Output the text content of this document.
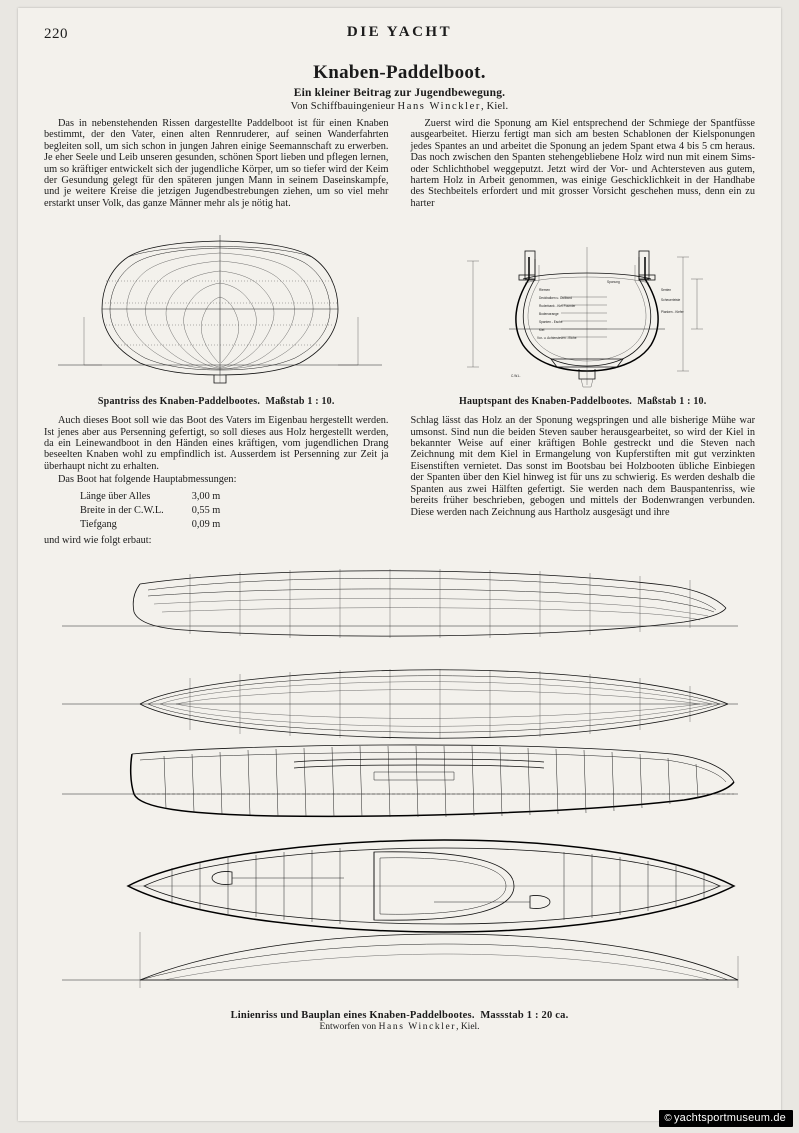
220	DIE YACHT
Knaben-Paddelboot.
Ein kleiner Beitrag zur Jugendbewegung.
Von Schiffbauingenieur Hans Winckler, Kiel.

Das in nebenstehenden Rissen dargestellte Paddelboot ist für einen Knaben bestimmt, der den Vater, einen alten Rennruderer, auf seinen Wanderfahrten begleiten soll, um sich schon in jungen Jahren einige Seemannschaft zu erwerben. Je eher Seele und Leib unseren gesunden, schönen Sport lieben und pflegen lernen, um so kräftiger entwickelt sich der jugendliche Körper, um so tiefer wird der Keim der Gesundung gelegt für den späteren jungen Mann in seinem Daseinskampfe, und je weitere Kreise die jetzigen Jugendbestrebungen ziehen, um so viel mehr erstarkt unser Volk, das ganze Männer mehr als je nötig hat.

Zuerst wird die Sponung am Kiel entsprechend der Schmiege der Spantfüsse ausgearbeitet. Hierzu fertigt man sich am besten Schablonen der Kielsponungen jedes Spantes an und arbeitet die Sponung an jedem Spant etwa 4 bis 5 cm heraus. Das noch zwischen den Spanten stehengebliebene Holz wird nun mit einem Sims- oder Schlichthobel weggeputzt. Jetzt wird der Vor- und Achtersteven aus gutem, hartem Holz in Arbeit genommen, was einige Geschicklichkeit in der Handhabe des Stechbeitels erfordert und mit grosser Vorsicht geschehen muss, denn ein zu harter

Spantriss des Knaben-Paddelbootes. Maßstab 1 : 10.
Sponung
Riemen
Deckbalken u. Dollbord
Ruderbank - Kiel Fournier
Bodenwrange
Spanten - Esche
Kiel
Vor- u. Achtersteven - Eiche
Senten
Scheuerleiste
Planken - Kiefer
C.W.L.
Hauptspant des Knaben-Paddelbootes. Maßstab 1 : 10.

Auch dieses Boot soll wie das Boot des Vaters im Eigenbau hergestellt werden. Ist jenes aber aus Persenning gefertigt, so soll dieses aus Holz hergestellt werden, da ein Leinewandboot in den Händen eines kräftigen, vom jugendlichen Drang beseelten Knaben wohl zu empfindlich ist. Ausserdem ist Persenning zur Zeit ja überhaupt nicht zu erhalten.

Das Boot hat folgende Hauptabmessungen:

Länge über Alles	3,00 m
Breite in der C.W.L.	0,55 m
Tiefgang	0,09 m

und wird wie folgt erbaut:

Schlag lässt das Holz an der Sponung wegspringen und alle bisherige Mühe war umsonst. Sind nun die beiden Steven sauber herausgearbeitet, so wird der Kiel in bekannter Weise auf einer kräftigen Bohle gestreckt und die Steven nach Zeichnung mit dem Kiel in Ermangelung von Kupferstiften mit gut verzinkten Eisenstiften vernietet. Das sonst im Bootsbau bei Holzbooten übliche Einbiegen der Spanten über den Kiel hinweg ist für uns zu schwierig. Es werden deshalb die Spanten aus zwei Hälften gefertigt. Sie werden nach dem Bauspantenriss, wie bereits früher beschrieben, gebogen und mittels der Bodenwrangen verbunden. Diese werden nach Zeichnung aus Hartholz ausgesägt und ihre

Linienriss und Bauplan eines Knaben-Paddelbootes. Massstab 1 : 20 ca.
Entworfen von Hans Winckler, Kiel.
© yachtsportmuseum.de
